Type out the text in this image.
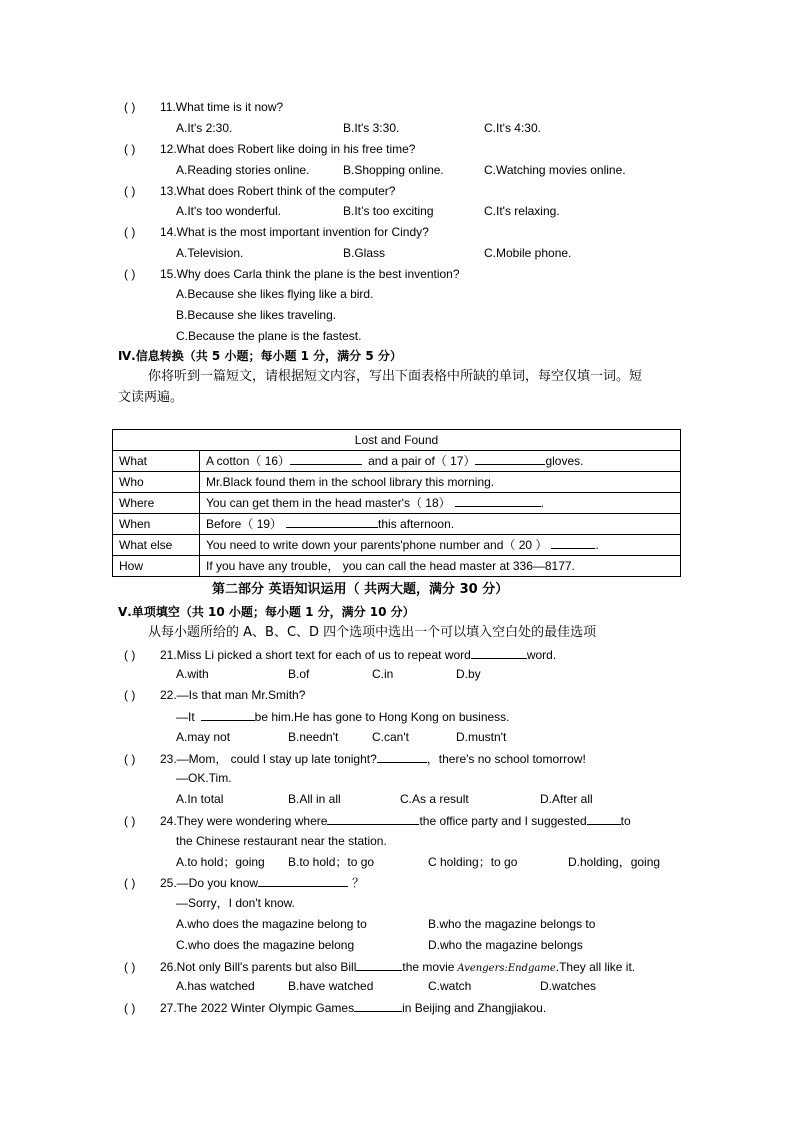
( ) 11.What time is it now?
A.It's 2:30.	B.It's 3:30.	C.It's 4:30.
( ) 12.What does Robert like doing in his free time?
A.Reading stories online.	B.Shopping online.	C.Watching movies online.
( ) 13.What does Robert think of the computer?
A.It's too wonderful.	B.It’s too exciting	C.It's relaxing.
( ) 14.What is the most important invention for Cindy?
A.Television.	B.Glass	C.Mobile phone.
( ) 15.Why does Carla think the plane is the best invention?
A.Because she likes flying like a bird.
B.Because she likes traveling.
C.Because the plane is the fastest.
Ⅳ.信息转换（共 5 小题；每小题 1 分，满分 5 分）
你将听到一篇短文，请根据短文内容，写出下面表格中所缺的单词，每空仅填一词。短
文读两遍。
Lost and Found	
What	A cotton（ 16） and a pair of（ 17） gloves.
Who	Mr.Black found them in the school library this morning.
Where	You can get them in the head master's（ 18） .
When	Before（ 19） this afternoon.
What else	You need to write down your parents'phone number and（ 20 ） .
How	If you have any trouble， you can call the head master at 336—8177.
第二部分 英语知识运用（ 共两大题，满分 30 分）
Ⅴ.单项填空（共 10 小题；每小题 1 分，满分 10 分）
从每小题所给的 A、B、C、D 四个选项中选出一个可以填入空白处的最佳选项
( ) 21.Miss Li picked a short text for each of us to repeat word	word.
A.with	B.of	C.in	D.by
( ) 22.—Is that man Mr.Smith?
—It	be him.He has gone to Hong Kong on business.
A.may not	B.needn't	C.can't	D.mustn't
( ) 23.—Mom， could I stay up late tonight?	，there's no school tomorrow!
—OK.Tim.
A.In total	B.All in all	C.As a result	D.After all
( ) 24.They were wondering where	the office party and I suggested	to
the Chinese restaurant near the station.
A.to hold；going B.to hold；to go	C holding；to go	D.holding，going
( ) 25.—Do you know	？
—Sorry，I don't know.
A.who does the magazine belong to	B.who the magazine belongs to
C.who does the magazine belong	D.who the magazine belongs
( ) 26.Not only Bill's parents but also Bill	the movie Avengers:Endgame.They all like it.
A.has watched	B.have watched	C.watch	D.watches
( ) 27.The 2022 Winter Olympic Games	in Beijing and Zhangjiakou.
